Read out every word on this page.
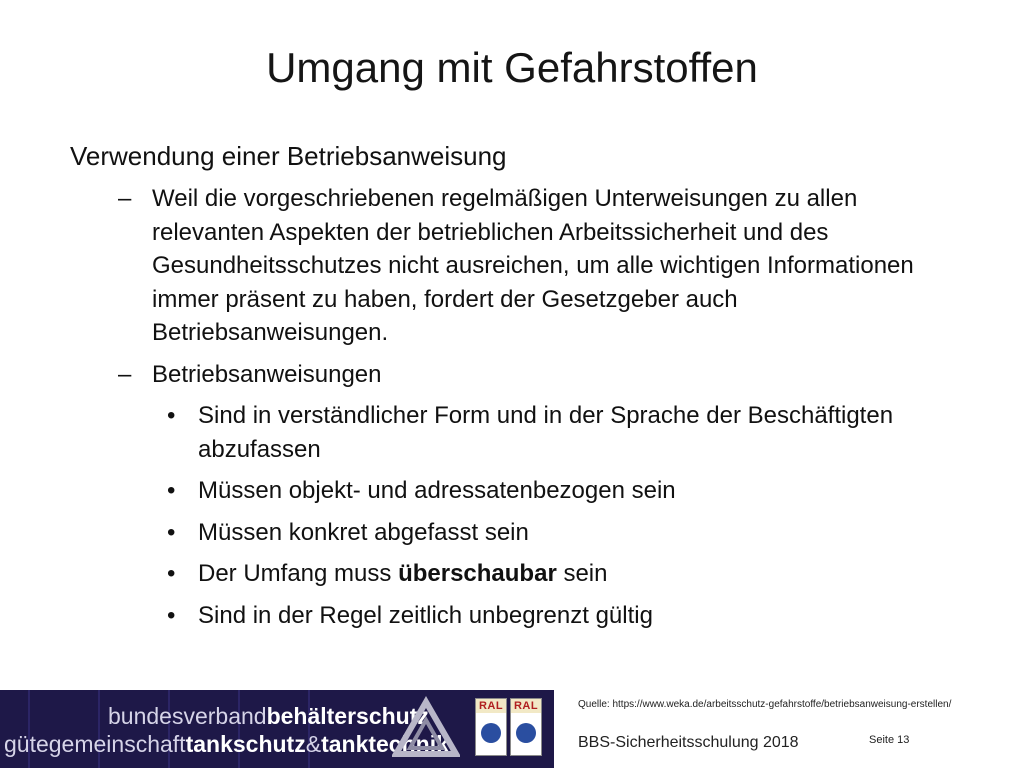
Umgang mit Gefahrstoffen
Verwendung einer Betriebsanweisung
– Weil die vorgeschriebenen regelmäßigen Unterweisungen zu allen relevanten Aspekten der betrieblichen Arbeitssicherheit und des Gesundheitsschutzes nicht ausreichen, um alle wichtigen Informationen immer präsent zu haben, fordert der Gesetzgeber auch Betriebsanweisungen.
– Betriebsanweisungen
• Sind in verständlicher Form und in der Sprache der Beschäftigten abzufassen
• Müssen objekt- und adressatenbezogen sein
• Müssen konkret abgefasst sein
• Der Umfang muss überschaubar sein
• Sind in der Regel zeitlich unbegrenzt gültig
bundesverbandbehälterschutz
gütegemeinschafttankschutz&tanktechnik
RAL RAL	Quelle: https://www.weka.de/arbeitsschutz-gefahrstoffe/betriebsanweisung-erstellen/
BBS-Sicherheitsschulung 2018	Seite 13
